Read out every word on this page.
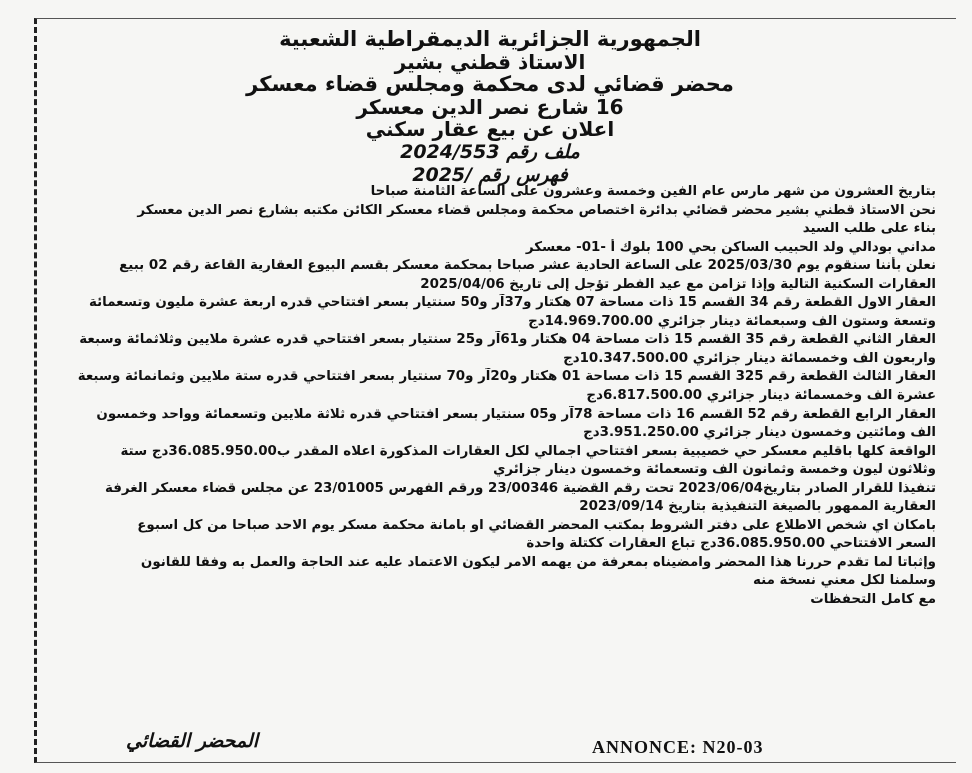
الجمهورية الجزائرية الديمقراطية الشعبية
الاستاذ قطني بشير
محضر قضائي لدى محكمة ومجلس قضاء معسكر
16 شارع نصر الدين معسكر
اعلان عن بيع عقار سكني
ملف رقم 2024/553
فهرس رقم /2025
بتاريخ العشرون من شهر مارس عام الفين وخمسة وعشرون على الساعة الثامنة صباحا
نحن الاستاذ قطني بشير محضر قضائي بدائرة اختصاص محكمة ومجلس قضاء معسكر الكائن مكتبه بشارع نصر الدين معسكر
بناء على طلب السيد
مداني بودالي ولد الحبيب الساكن بحي 100 بلوك أ -01- معسكر
نعلن بأننا سنقوم يوم 2025/03/30 على الساعة الحادية عشر صباحا بمحكمة معسكر بقسم البيوع العقارية القاعة رقم 02 ببيع
العقارات السكنية التالية وإذا تزامن مع عيد الفطر تؤجل إلى تاريخ 2025/04/06
العقار الاول القطعة رقم 34 القسم 15 ذات مساحة 07 هكتار و37آر و50 سنتيار بسعر افتتاحي قدره اربعة عشرة مليون وتسعمائة
وتسعة وستون الف وسبعمائة دينار جزائري 14.969.700.00دج
العقار الثاني القطعة رقم 35 القسم 15 ذات مساحة 04 هكتار و61آر و25 سنتيار بسعر افتتاحي قدره عشرة ملايين وثلاثمائة وسبعة
واربعون الف وخمسمائة دينار جزائري 10.347.500.00دج
العقار الثالث القطعة رقم 325 القسم 15 ذات مساحة 01 هكتار و20آر و70 سنتيار بسعر افتتاحي قدره ستة ملايين وثمانمائة وسبعة
عشرة الف وخمسمائة دينار جزائري 6.817.500.00دج
العقار الرابع القطعة رقم 52 القسم 16 ذات مساحة 78آر و05 سنتيار بسعر افتتاحي قدره ثلاثة ملايين وتسعمائة وواحد وخمسون
الف ومائتين وخمسون دينار جزائري 3.951.250.00دج
الواقعة كلها باقليم معسكر حي خصيبية بسعر افتتاحي اجمالي لكل العقارات المذكورة اعلاه المقدر ب36.085.950.00دج ستة
وثلاثون ليون وخمسة وثمانون الف وتسعمائة وخمسون دينار جزائري
تنفيذا للقرار الصادر بتاريخ2023/06/04 تحت رقم القضية 23/00346 ورقم الفهرس 23/01005 عن مجلس قضاء معسكر الغرفة
العقارية الممهور بالصيغة التنفيذية بتاريخ 2023/09/14
بامكان اي شخص الاطلاع على دفتر الشروط بمكتب المحضر القضائي او بامانة محكمة مسكر يوم الاحد صباحا من كل اسبوع
السعر الافتتاحي 36.085.950.00دج تباع العقارات ككتلة واحدة
وإثباتا لما تقدم حررنا هذا المحضر وامضيناه بمعرفة من يهمه الامر ليكون الاعتماد عليه عند الحاجة والعمل به وفقا للقانون
وسلمنا لكل معني نسخة منه
مع كامل التحفظات
المحضر القضائي	ANNONCE: N20-03
